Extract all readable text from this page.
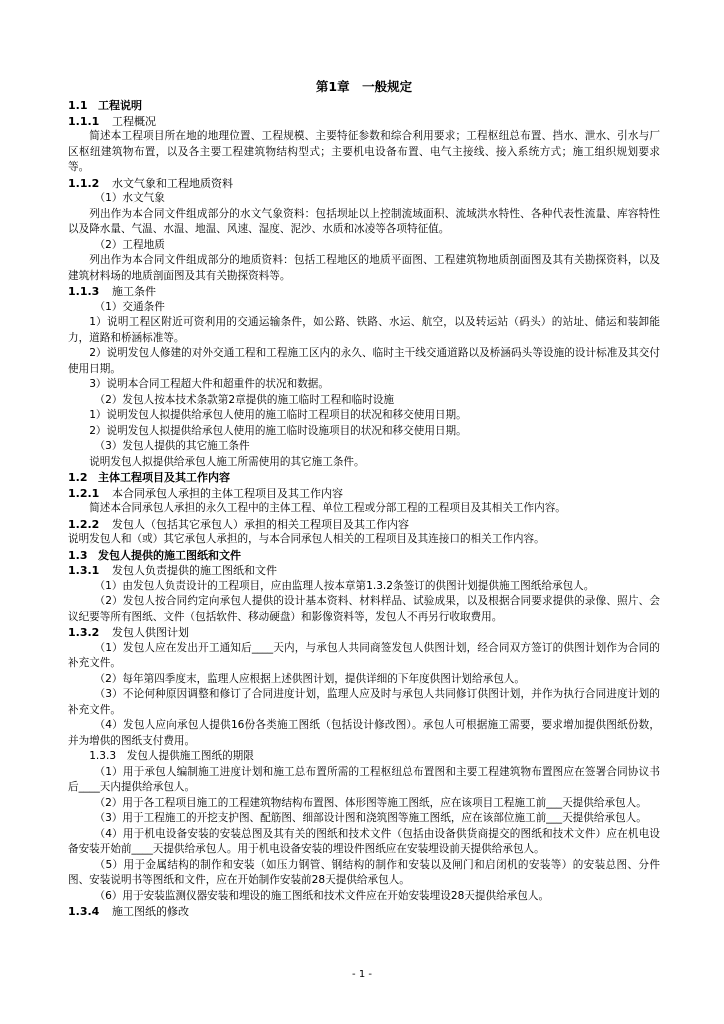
第1章　一般规定

1.1 工程说明

1.1.1 工程概况

简述本工程项目所在地的地理位置、工程规模、主要特征参数和综合利用要求；工程枢纽总布置、挡水、泄水、引水与厂区枢纽建筑物布置，以及各主要工程建筑物结构型式；主要机电设备布置、电气主接线、接入系统方式；施工组织规划要求等。

1.1.2 水文气象和工程地质资料

（1）水文气象

列出作为本合同文件组成部分的水文气象资料：包括坝址以上控制流域面积、流域洪水特性、各种代表性流量、库容特性以及降水量、气温、水温、地温、风速、湿度、泥沙、水质和冰凌等各项特征值。

（2）工程地质

列出作为本合同文件组成部分的地质资料：包括工程地区的地质平面图、工程建筑物地质剖面图及其有关勘探资料，以及建筑材料场的地质剖面图及其有关勘探资料等。

1.1.3 施工条件

（1）交通条件

1）说明工程区附近可资利用的交通运输条件，如公路、铁路、水运、航空，以及转运站（码头）的站址、储运和装卸能力，道路和桥涵标准等。

2）说明发包人修建的对外交通工程和工程施工区内的永久、临时主干线交通道路以及桥涵码头等设施的设计标准及其交付使用日期。

3）说明本合同工程超大件和超重件的状况和数据。

（2）发包人按本技术条款第2章提供的施工临时工程和临时设施

1）说明发包人拟提供给承包人使用的施工临时工程项目的状况和移交使用日期。

2）说明发包人拟提供给承包人使用的施工临时设施项目的状况和移交使用日期。

（3）发包人提供的其它施工条件

说明发包人拟提供给承包人施工所需使用的其它施工条件。

1.2 主体工程项目及其工作内容

1.2.1 本合同承包人承担的主体工程项目及其工作内容

简述本合同承包人承担的永久工程中的主体工程、单位工程或分部工程的工程项目及其相关工作内容。

1.2.2 发包人（包括其它承包人）承担的相关工程项目及其工作内容

说明发包人和（或）其它承包人承担的，与本合同承包人相关的工程项目及其连接口的相关工作内容。

1.3 发包人提供的施工图纸和文件

1.3.1 发包人负责提供的施工图纸和文件

（1）由发包人负责设计的工程项目，应由监理人按本章第1.3.2条签订的供图计划提供施工图纸给承包人。

（2）发包人按合同约定向承包人提供的设计基本资料、材料样品、试验成果，以及根据合同要求提供的录像、照片、会议纪要等所有图纸、文件（包括软件、移动硬盘）和影像资料等，发包人不再另行收取费用。

1.3.2 发包人供图计划

（1）发包人应在发出开工通知后____天内，与承包人共同商签发包人供图计划，经合同双方签订的供图计划作为合同的补充文件。

（2）每年第四季度末，监理人应根据上述供图计划，提供详细的下年度供图计划给承包人。

（3）不论何种原因调整和修订了合同进度计划，监理人应及时与承包人共同修订供图计划，并作为执行合同进度计划的补充文件。

（4）发包人应向承包人提供16份各类施工图纸（包括设计修改图）。承包人可根据施工需要，要求增加提供图纸份数，并为增供的图纸支付费用。

1.3.3　发包人提供施工图纸的期限

（1）用于承包人编制施工进度计划和施工总布置所需的工程枢纽总布置图和主要工程建筑物布置图应在签署合同协议书后____天内提供给承包人。

（2）用于各工程项目施工的工程建筑物结构布置图、体形图等施工图纸，应在该项目工程施工前___天提供给承包人。

（3）用于工程施工的开挖支护图、配筋图、细部设计图和浇筑图等施工图纸，应在该部位施工前___天提供给承包人。

（4）用于机电设备安装的安装总图及其有关的图纸和技术文件（包括由设备供货商提交的图纸和技术文件）应在机电设备安装开始前____天提供给承包人。用于机电设备安装的埋设件图纸应在安装埋设前天提供给承包人。

（5）用于金属结构的制作和安装（如压力钢管、钢结构的制作和安装以及闸门和启闭机的安装等）的安装总图、分件图、安装说明书等图纸和文件，应在开始制作安装前28天提供给承包人。

（6）用于安装监测仪器安装和埋设的施工图纸和技术文件应在开始安装埋设28天提供给承包人。

1.3.4 施工图纸的修改

- 1 -
